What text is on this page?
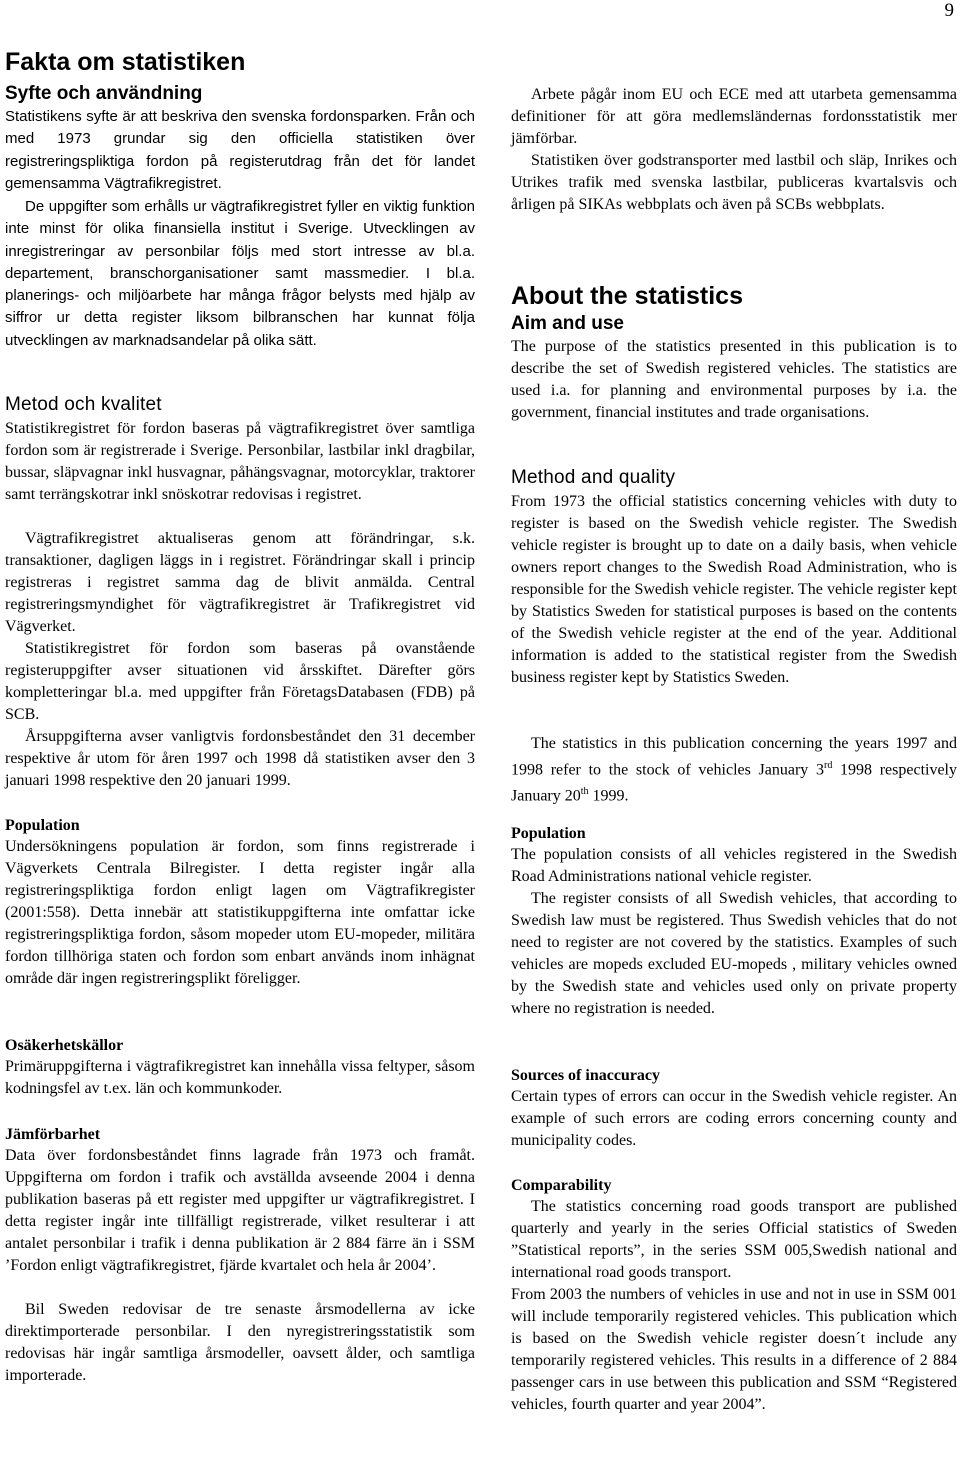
9
Fakta om statistiken
Syfte och användning

Statistikens syfte är att beskriva den svenska fordonsparken. Från och med 1973 grundar sig den officiella statistiken över registreringspliktiga fordon på registerutdrag från det för landet gemensamma Vägtrafikregistret.

De uppgifter som erhålls ur vägtrafikregistret fyller en viktig funktion inte minst för olika finansiella institut i Sverige. Utvecklingen av inregistreringar av personbilar följs med stort intresse av bl.a. departement, branschorganisationer samt massmedier. I bl.a. planerings- och miljöarbete har många frågor belysts med hjälp av siffror ur detta register liksom bilbranschen har kunnat följa utvecklingen av marknadsandelar på olika sätt.

Metod och kvalitet

Statistikregistret för fordon baseras på vägtrafikregistret över samtliga fordon som är registrerade i Sverige. Personbilar, lastbilar inkl dragbilar, bussar, släpvagnar inkl husvagnar, påhängsvagnar, motorcyklar, traktorer samt terrängskotrar inkl snöskotrar redovisas i registret.

Vägtrafikregistret aktualiseras genom att förändringar, s.k. transaktioner, dagligen läggs in i registret. Förändringar skall i princip registreras i registret samma dag de blivit anmälda. Central registreringsmyndighet för vägtrafikregistret är Trafikregistret vid Vägverket.

Statistikregistret för fordon som baseras på ovanstående registeruppgifter avser situationen vid årsskiftet. Därefter görs kompletteringar bl.a. med uppgifter från FöretagsDatabasen (FDB) på SCB.

Årsuppgifterna avser vanligtvis fordonsbeståndet den 31 december respektive år utom för åren 1997 och 1998 då statistiken avser den 3 januari 1998 respektive den 20 januari 1999.

Population

Undersökningens population är fordon, som finns registrerade i Vägverkets Centrala Bilregister. I detta register ingår alla registreringspliktiga fordon enligt lagen om Vägtrafikregister (2001:558). Detta innebär att statistikuppgifterna inte omfattar icke registreringspliktiga fordon, såsom mopeder utom EU-mopeder, militära fordon tillhöriga staten och fordon som enbart används inom inhägnat område där ingen registreringsplikt föreligger.

Osäkerhetskällor

Primäruppgifterna i vägtrafikregistret kan innehålla vissa feltyper, såsom kodningsfel av t.ex. län och kommunkoder.

Jämförbarhet

Data över fordonsbeståndet finns lagrade från 1973 och framåt. Uppgifterna om fordon i trafik och avställda avseende 2004 i denna publikation baseras på ett register med uppgifter ur vägtrafikregistret. I detta register ingår inte tillfälligt registrerade, vilket resulterar i att antalet personbilar i trafik i denna publikation är 2 884 färre än i SSM ’Fordon enligt vägtrafikregistret, fjärde kvartalet och hela år 2004’.

Bil Sweden redovisar de tre senaste årsmodellerna av icke direktimporterade personbilar. I den nyregistreringsstatistik som redovisas här ingår samtliga årsmodeller, oavsett ålder, och samtliga importerade.

Arbete pågår inom EU och ECE med att utarbeta gemensamma definitioner för att göra medlemsländernas fordonsstatistik mer jämförbar.

Statistiken över godstransporter med lastbil och släp, Inrikes och Utrikes trafik med svenska lastbilar, publiceras kvartalsvis och årligen på SIKAs webbplats och även på SCBs webbplats.

About the statistics
Aim and use

The purpose of the statistics presented in this publication is to describe the set of Swedish registered vehicles. The statistics are used i.a. for planning and environmental purposes by i.a. the government, financial institutes and trade organisations.

Method and quality

From 1973 the official statistics concerning vehicles with duty to register is based on the Swedish vehicle register. The Swedish vehicle register is brought up to date on a daily basis, when vehicle owners report changes to the Swedish Road Administration, who is responsible for the Swedish vehicle register. The vehicle register kept by Statistics Sweden for statistical purposes is based on the contents of the Swedish vehicle register at the end of the year. Additional information is added to the statistical register from the Swedish business register kept by Statistics Sweden.

The statistics in this publication concerning the years 1997 and 1998 refer to the stock of vehicles January 3rd 1998 respectively January 20th 1999.

Population

The population consists of all vehicles registered in the Swedish Road Administrations national vehicle register.

The register consists of all Swedish vehicles, that according to Swedish law must be registered. Thus Swedish vehicles that do not need to register are not covered by the statistics. Examples of such vehicles are mopeds excluded EU-mopeds , military vehicles owned by the Swedish state and vehicles used only on private property where no registration is needed.

Sources of inaccuracy

Certain types of errors can occur in the Swedish vehicle register. An example of such errors are coding errors concerning county and municipality codes.

Comparability

The statistics concerning road goods transport are published quarterly and yearly in the series Official statistics of Sweden ”Statistical reports”, in the series SSM 005,Swedish national and international road goods transport.

From 2003 the numbers of vehicles in use and not in use in SSM 001 will include temporarily registered vehicles. This publication which is based on the Swedish vehicle register doesn´t include any temporarily registered vehicles. This results in a difference of 2 884 passenger cars in use between this publication and SSM “Registered vehicles, fourth quarter and year 2004”.
